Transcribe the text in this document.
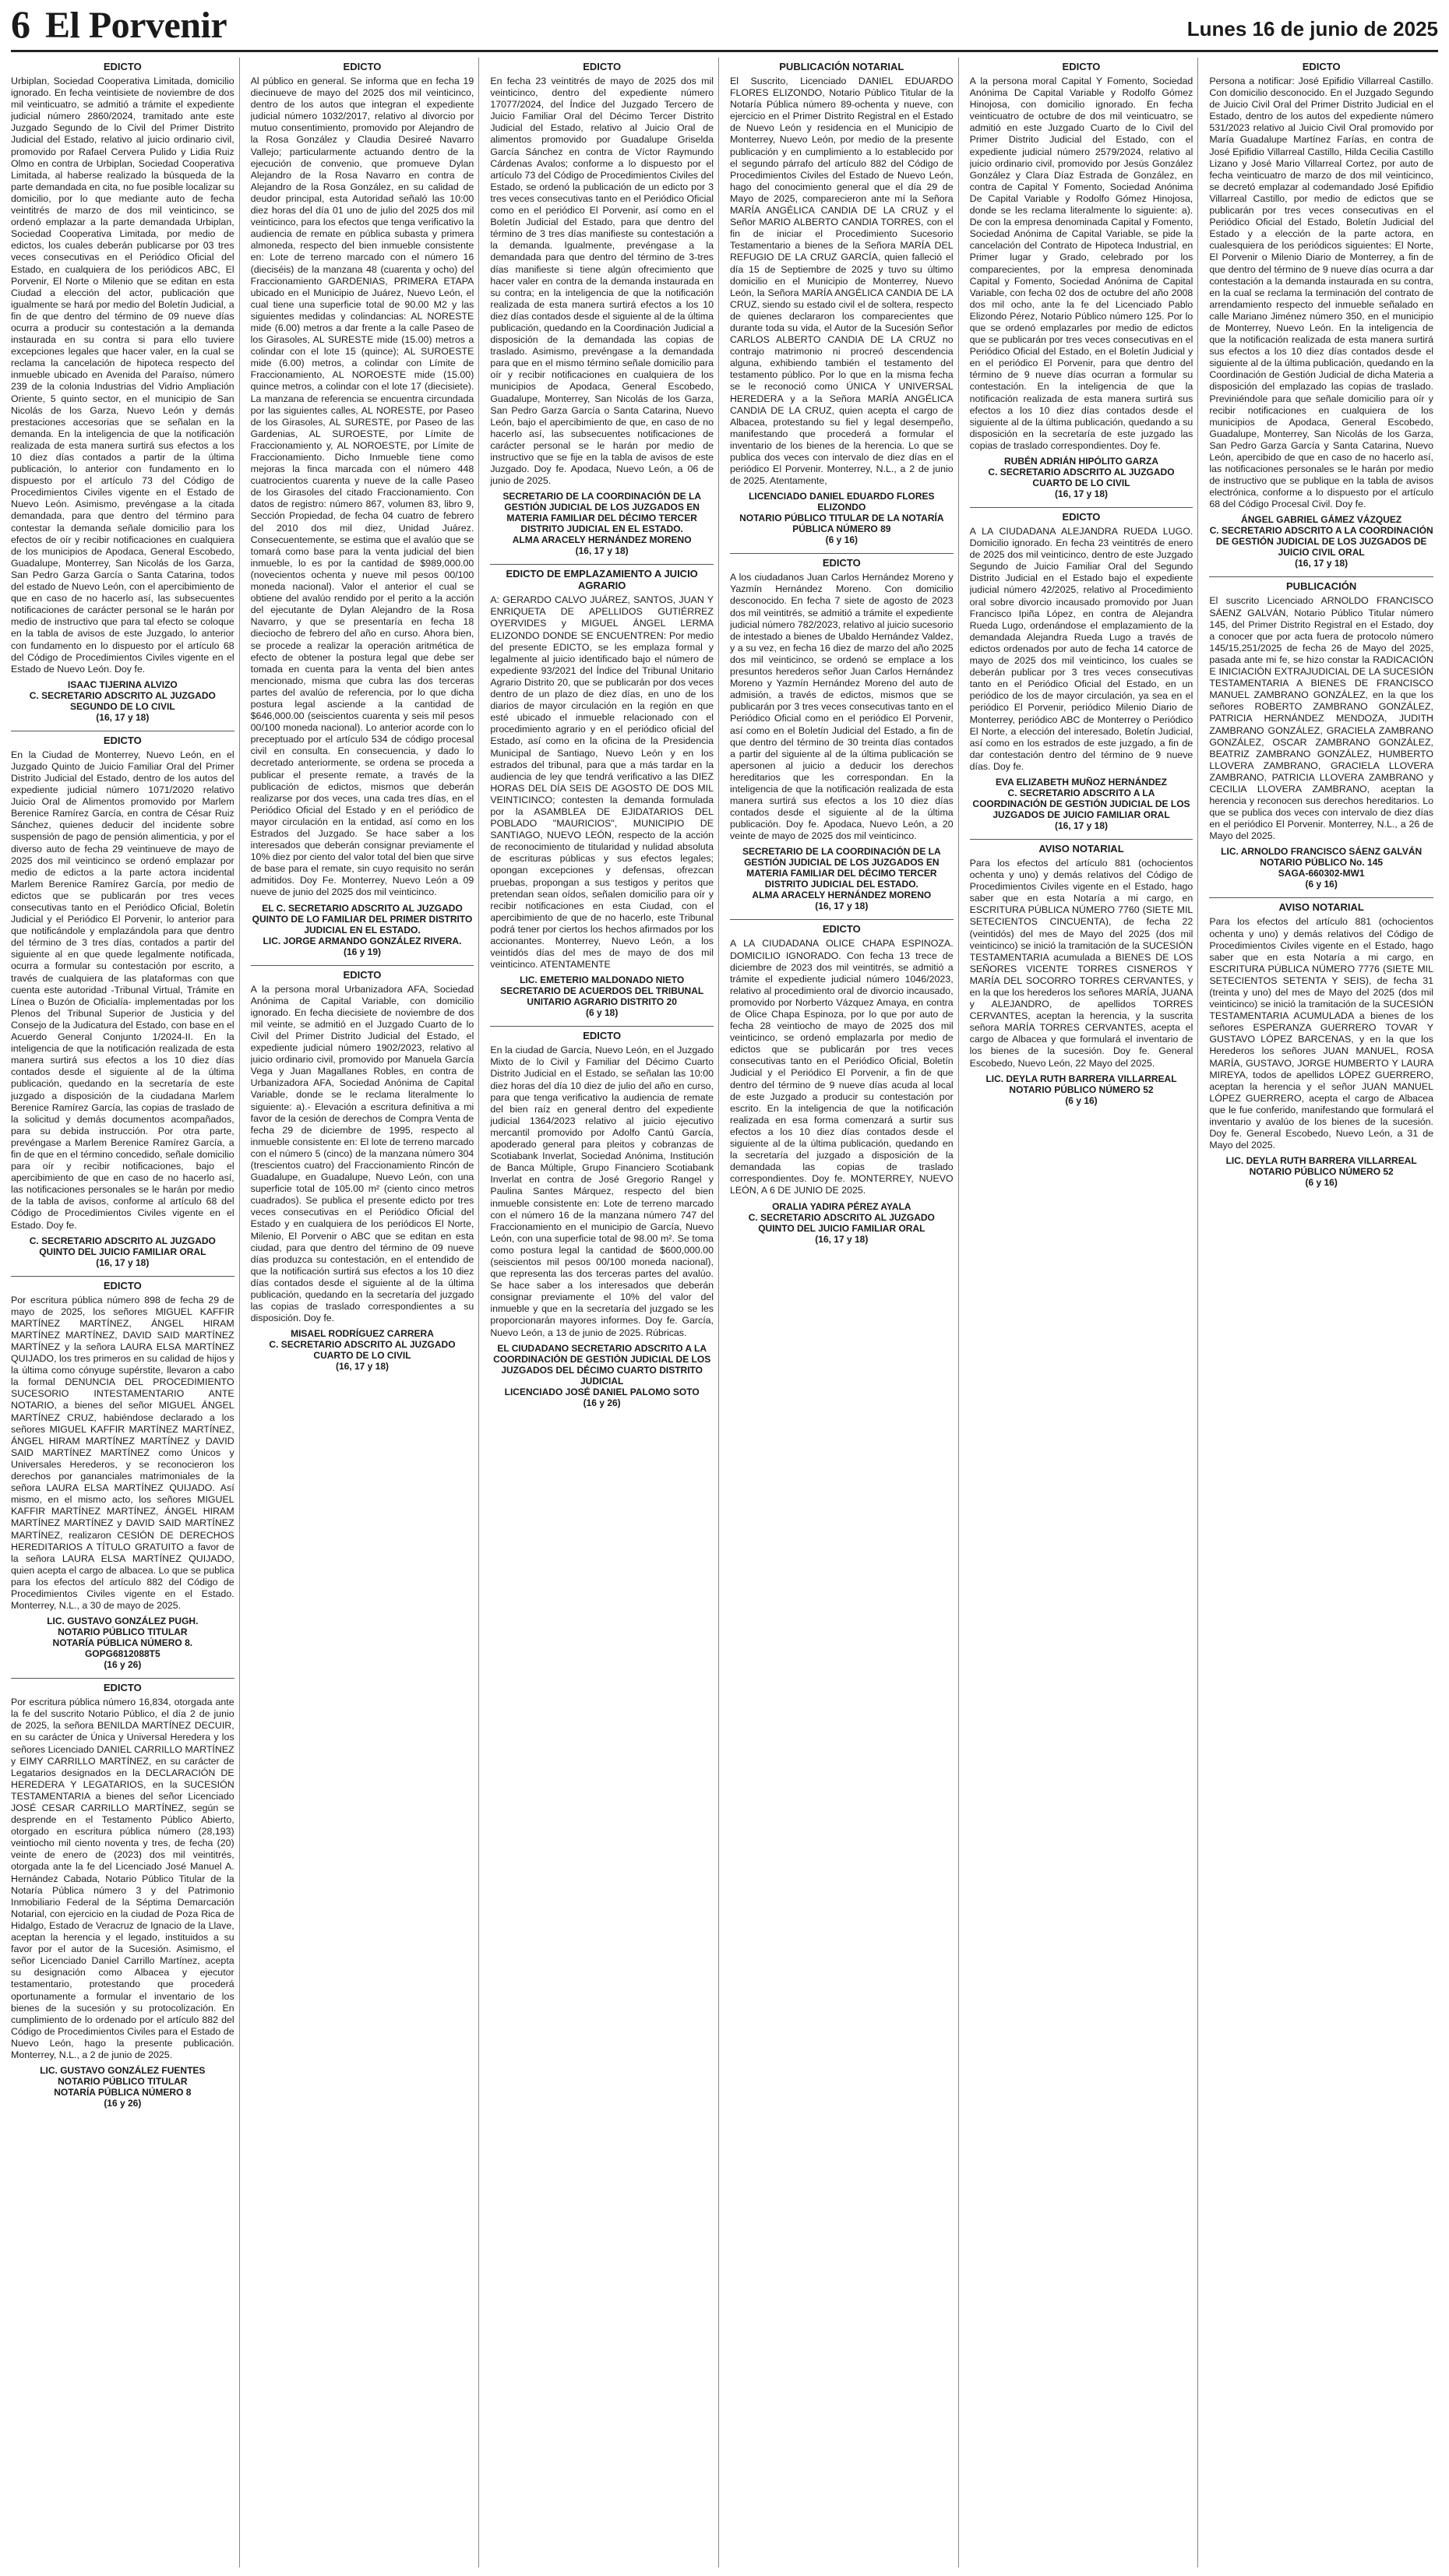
6 El Porvenir	Lunes 16 de junio de 2025
EDICTO
Urbiplan, Sociedad Cooperativa Limitada, domicilio ignorado. En fecha veintisiete de noviembre de dos mil veinticuatro, se admitió a trámite el expediente judicial número 2860/2024, tramitado ante este Juzgado Segundo de lo Civil del Primer Distrito Judicial del Estado, relativo al juicio ordinario civil, promovido por Rafael Cervera Pulido y Lidia Ruiz Olmo en contra de Urbiplan, Sociedad Cooperativa Limitada, al haberse realizado la búsqueda de la parte demandada en cita, no fue posible localizar su domicilio, por lo que mediante auto de fecha veintitrés de marzo de dos mil veinticinco, se ordenó emplazar a la parte demandada Urbiplan, Sociedad Cooperativa Limitada, por medio de edictos, los cuales deberán publicarse por 03 tres veces consecutivas en el Periódico Oficial del Estado, en cualquiera de los periódicos ABC, El Porvenir, El Norte o Milenio que se editan en esta Ciudad a elección del actor, publicación que igualmente se hará por medio del Boletín Judicial, a fin de que dentro del término de 09 nueve días ocurra a producir su contestación a la demanda instaurada en su contra si para ello tuviere excepciones legales que hacer valer, en la cual se reclama la cancelación de hipoteca respecto del inmueble ubicado en Avenida del Paraíso, número 239 de la colonia Industrias del Vidrio Ampliación Oriente, 5 quinto sector, en el municipio de San Nicolás de los Garza, Nuevo León y demás prestaciones accesorias que se señalan en la demanda. En la inteligencia de que la notificación realizada de esta manera surtirá sus efectos a los 10 diez días contados a partir de la última publicación, lo anterior con fundamento en lo dispuesto por el artículo 73 del Código de Procedimientos Civiles vigente en el Estado de Nuevo León. Asimismo, prevéngase a la citada demandada, para que dentro del término para contestar la demanda señale domicilio para los efectos de oír y recibir notificaciones en cualquiera de los municipios de Apodaca, General Escobedo, Guadalupe, Monterrey, San Nicolás de los Garza, San Pedro Garza García o Santa Catarina, todos del estado de Nuevo León, con el apercibimiento de que en caso de no hacerlo así, las subsecuentes notificaciones de carácter personal se le harán por medio de instructivo que para tal efecto se coloque en la tabla de avisos de este Juzgado, lo anterior con fundamento en lo dispuesto por el artículo 68 del Código de Procedimientos Civiles vigente en el Estado de Nuevo León. Doy fe.
ISAAC TIJERINA ALVIZO
C. SECRETARIO ADSCRITO AL JUZGADO SEGUNDO DE LO CIVIL
(16, 17 y 18)
EDICTO
En la Ciudad de Monterrey, Nuevo León, en el Juzgado Quinto de Juicio Familiar Oral del Primer Distrito Judicial del Estado, dentro de los autos del expediente judicial número 1071/2020 relativo Juicio Oral de Alimentos promovido por Marlem Berenice Ramírez García, en contra de César Ruiz Sánchez, quienes deducir del incidente sobre suspensión de pago de pensión alimenticia, y por el diverso auto de fecha 29 veintinueve de mayo de 2025 dos mil veinticinco se ordenó emplazar por medio de edictos a la parte actora incidental Marlem Berenice Ramírez García, por medio de edictos que se publicarán por tres veces consecutivas tanto en el Periódico Oficial, Boletín Judicial y el Periódico El Porvenir, lo anterior para que notificándole y emplazándola para que dentro del término de 3 tres días, contados a partir del siguiente al en que quede legalmente notificada, ocurra a formular su contestación por escrito, a través de cualquiera de las plataformas con que cuenta este autoridad -Tribunal Virtual, Trámite en Línea o Buzón de Oficialía- implementadas por los Plenos del Tribunal Superior de Justicia y del Consejo de la Judicatura del Estado, con base en el Acuerdo General Conjunto 1/2024-II. En la inteligencia de que la notificación realizada de esta manera surtirá sus efectos a los 10 diez días contados desde el siguiente al de la última publicación, quedando en la secretaría de este juzgado a disposición de la ciudadana Marlem Berenice Ramírez García, las copias de traslado de la solicitud y demás documentos acompañados, para su debida instrucción. Por otra parte, prevéngase a Marlem Berenice Ramírez García, a fin de que en el término concedido, señale domicilio para oír y recibir notificaciones, bajo el apercibimiento de que en caso de no hacerlo así, las notificaciones personales se le harán por medio de la tabla de avisos, conforme al artículo 68 del Código de Procedimientos Civiles vigente en el Estado. Doy fe.
C. SECRETARIO ADSCRITO AL JUZGADO QUINTO DEL JUICIO FAMILIAR ORAL
(16, 17 y 18)
EDICTO
Por escritura pública número 898 de fecha 29 de mayo de 2025, los señores MIGUEL KAFFIR MARTÍNEZ MARTÍNEZ, ÁNGEL HIRAM MARTÍNEZ MARTÍNEZ, DAVID SAID MARTÍNEZ MARTÍNEZ y la señora LAURA ELSA MARTÍNEZ QUIJADO, los tres primeros en su calidad de hijos y la última como cónyuge supérstite, llevaron a cabo la formal DENUNCIA DEL PROCEDIMIENTO SUCESORIO INTESTAMENTARIO ANTE NOTARIO, a bienes del señor MIGUEL ÁNGEL MARTÍNEZ CRUZ, habiéndose declarado a los señores MIGUEL KAFFIR MARTÍNEZ MARTÍNEZ, ÁNGEL HIRAM MARTÍNEZ MARTÍNEZ y DAVID SAID MARTÍNEZ MARTÍNEZ como Únicos y Universales Herederos, y se reconocieron los derechos por gananciales matrimoniales de la señora LAURA ELSA MARTÍNEZ QUIJADO. Así mismo, en el mismo acto, los señores MIGUEL KAFFIR MARTÍNEZ MARTÍNEZ, ÁNGEL HIRAM MARTÍNEZ MARTÍNEZ y DAVID SAID MARTÍNEZ MARTÍNEZ, realizaron CESIÓN DE DERECHOS HEREDITARIOS A TÍTULO GRATUITO a favor de la señora LAURA ELSA MARTÍNEZ QUIJADO, quien acepta el cargo de albacea. Lo que se publica para los efectos del artículo 882 del Código de Procedimientos Civiles vigente en el Estado. Monterrey, N.L., a 30 de mayo de 2025.
LIC. GUSTAVO GONZÁLEZ PUGH.
NOTARIO PÚBLICO TITULAR
NOTARÍA PÚBLICA NÚMERO 8.
GOPG6812088T5
(16 y 26)
EDICTO
Por escritura pública número 16,834, otorgada ante la fe del suscrito Notario Público, el día 2 de junio de 2025, la señora BENILDA MARTÍNEZ DECUIR, en su carácter de Única y Universal Heredera y los señores Licenciado DANIEL CARRILLO MARTÍNEZ y EIMY CARRILLO MARTÍNEZ, en su carácter de Legatarios designados en la DECLARACIÓN DE HEREDERA Y LEGATARIOS, en la SUCESIÓN TESTAMENTARIA a bienes del señor Licenciado JOSÉ CESAR CARRILLO MARTÍNEZ, según se desprende en el Testamento Público Abierto, otorgado en escritura pública número (28,193) veintiocho mil ciento noventa y tres, de fecha (20) veinte de enero de (2023) dos mil veintitrés, otorgada ante la fe del Licenciado José Manuel A. Hernández Cabada, Notario Público Titular de la Notaría Pública número 3 y del Patrimonio Inmobiliario Federal de la Séptima Demarcación Notarial, con ejercicio en la ciudad de Poza Rica de Hidalgo, Estado de Veracruz de Ignacio de la Llave, aceptan la herencia y el legado, instituidos a su favor por el autor de la Sucesión. Asimismo, el señor Licenciado Daniel Carrillo Martínez, acepta su designación como Albacea y ejecutor testamentario, protestando que procederá oportunamente a formular el inventario de los bienes de la sucesión y su protocolización. En cumplimiento de lo ordenado por el artículo 882 del Código de Procedimientos Civiles para el Estado de Nuevo León, hago la presente publicación. Monterrey, N.L., a 2 de junio de 2025.
LIC. GUSTAVO GONZÁLEZ FUENTES
NOTARIO PÚBLICO TITULAR
NOTARÍA PÚBLICA NÚMERO 8
(16 y 26)
EDICTO
Al público en general. Se informa que en fecha 19 diecinueve de mayo del 2025 dos mil veinticinco, dentro de los autos que integran el expediente judicial número 1032/2017, relativo al divorcio por mutuo consentimiento, promovido por Alejandro de la Rosa González y Claudia Desireé Navarro Vallejo; particularmente actuando dentro de la ejecución de convenio, que promueve Dylan Alejandro de la Rosa Navarro en contra de Alejandro de la Rosa González, en su calidad de deudor principal, esta Autoridad señaló las 10:00 diez horas del día 01 uno de julio del 2025 dos mil veinticinco, para los efectos que tenga verificativo la audiencia de remate en pública subasta y primera almoneda, respecto del bien inmueble consistente en: Lote de terreno marcado con el número 16 (dieciséis) de la manzana 48 (cuarenta y ocho) del Fraccionamiento GARDENIAS, PRIMERA ETAPA ubicado en el Municipio de Juárez, Nuevo León, el cual tiene una superficie total de 90.00 M2 y las siguientes medidas y colindancias: AL NORESTE mide (6.00) metros a dar frente a la calle Paseo de los Girasoles, AL SURESTE mide (15.00) metros a colindar con el lote 15 (quince); AL SUROESTE mide (6.00) metros, a colindar con Límite de Fraccionamiento, AL NOROESTE mide (15.00) quince metros, a colindar con el lote 17 (diecisiete). La manzana de referencia se encuentra circundada por las siguientes calles, AL NORESTE, por Paseo de los Girasoles, AL SURESTE, por Paseo de las Gardenias, AL SUROESTE, por Límite de Fraccionamiento y, AL NOROESTE, por Límite de Fraccionamiento. Dicho Inmueble tiene como mejoras la finca marcada con el número 448 cuatrocientos cuarenta y nueve de la calle Paseo de los Girasoles del citado Fraccionamiento. Con datos de registro: número 867, volumen 83, libro 9, Sección Propiedad, de fecha 04 cuatro de febrero del 2010 dos mil diez, Unidad Juárez. Consecuentemente, se estima que el avalúo que se tomará como base para la venta judicial del bien inmueble, lo es por la cantidad de $989,000.00 (novecientos ochenta y nueve mil pesos 00/100 moneda nacional). Valor el anterior el cual se obtiene del avalúo rendido por el perito a la acción del ejecutante de Dylan Alejandro de la Rosa Navarro, y que se presentaría en fecha 18 dieciocho de febrero del año en curso. Ahora bien, se procede a realizar la operación aritmética de efecto de obtener la postura legal que debe ser tomada en cuenta para la venta del bien antes mencionado, misma que cubra las dos terceras partes del avalúo de referencia, por lo que dicha postura legal asciende a la cantidad de $646,000.00 (seiscientos cuarenta y seis mil pesos 00/100 moneda nacional). Lo anterior acorde con lo preceptuado por el artículo 534 de código procesal civil en consulta. En consecuencia, y dado lo decretado anteriormente, se ordena se proceda a publicar el presente remate, a través de la publicación de edictos, mismos que deberán realizarse por dos veces, una cada tres días, en el Periódico Oficial del Estado y en el periódico de mayor circulación en la entidad, así como en los Estrados del Juzgado. Se hace saber a los interesados que deberán consignar previamente el 10% diez por ciento del valor total del bien que sirve de base para el remate, sin cuyo requisito no serán admitidos. Doy Fe. Monterrey, Nuevo León a 09 nueve de junio del 2025 dos mil veinticinco.
EL C. SECRETARIO ADSCRITO AL JUZGADO QUINTO DE LO FAMILIAR DEL PRIMER DISTRITO JUDICIAL EN EL ESTADO.
LIC. JORGE ARMANDO GONZÁLEZ RIVERA.
(16 y 19)
EDICTO
A la persona moral Urbanizadora AFA, Sociedad Anónima de Capital Variable, con domicilio ignorado. En fecha diecisiete de noviembre de dos mil veinte, se admitió en el Juzgado Cuarto de lo Civil del Primer Distrito Judicial del Estado, el expediente judicial número 1902/2023, relativo al juicio ordinario civil, promovido por Manuela García Vega y Juan Magallanes Robles, en contra de Urbanizadora AFA, Sociedad Anónima de Capital Variable, donde se le reclama literalmente lo siguiente: a).- Elevación a escritura definitiva a mi favor de la cesión de derechos de Compra Venta de fecha 29 de diciembre de 1995, respecto al inmueble consistente en: El lote de terreno marcado con el número 5 (cinco) de la manzana número 304 (trescientos cuatro) del Fraccionamiento Rincón de Guadalupe, en Guadalupe, Nuevo León, con una superficie total de 105.00 m² (ciento cinco metros cuadrados). Se publica el presente edicto por tres veces consecutivas en el Periódico Oficial del Estado y en cualquiera de los periódicos El Norte, Milenio, El Porvenir o ABC que se editan en esta ciudad, para que dentro del término de 09 nueve días produzca su contestación, en el entendido de que la notificación surtirá sus efectos a los 10 diez días contados desde el siguiente al de la última publicación, quedando en la secretaría del juzgado las copias de traslado correspondientes a su disposición. Doy fe.
MISAEL RODRÍGUEZ CARRERA
C. SECRETARIO ADSCRITO AL JUZGADO CUARTO DE LO CIVIL
(16, 17 y 18)
EDICTO
En fecha 23 veintitrés de mayo de 2025 dos mil veinticinco, dentro del expediente número 17077/2024, del Índice del Juzgado Tercero de Juicio Familiar Oral del Décimo Tercer Distrito Judicial del Estado, relativo al Juicio Oral de alimentos promovido por Guadalupe Griselda García Sánchez en contra de Víctor Raymundo Cárdenas Avalos; conforme a lo dispuesto por el artículo 73 del Código de Procedimientos Civiles del Estado, se ordenó la publicación de un edicto por 3 tres veces consecutivas tanto en el Periódico Oficial como en el periódico El Porvenir, así como en el Boletín Judicial del Estado, para que dentro del término de 3 tres días manifieste su contestación a la demanda. Igualmente, prevéngase a la demandada para que dentro del término de 3-tres días manifieste si tiene algún ofrecimiento que hacer valer en contra de la demanda instaurada en su contra; en la inteligencia de que la notificación realizada de esta manera surtirá efectos a los 10 diez días contados desde el siguiente al de la última publicación, quedando en la Coordinación Judicial a disposición de la demandada las copias de traslado. Asimismo, prevéngase a la demandada para que en el mismo término señale domicilio para oír y recibir notificaciones en cualquiera de los municipios de Apodaca, General Escobedo, Guadalupe, Monterrey, San Nicolás de los Garza, San Pedro Garza García o Santa Catarina, Nuevo León, bajo el apercibimiento de que, en caso de no hacerlo así, las subsecuentes notificaciones de carácter personal se le harán por medio de instructivo que se fije en la tabla de avisos de este Juzgado. Doy fe. Apodaca, Nuevo León, a 06 de junio de 2025.
SECRETARIO DE LA COORDINACIÓN DE LA GESTIÓN JUDICIAL DE LOS JUZGADOS EN MATERIA FAMILIAR DEL DÉCIMO TERCER DISTRITO JUDICIAL EN EL ESTADO.
ALMA ARACELY HERNÁNDEZ MORENO
(16, 17 y 18)
EDICTO DE EMPLAZAMIENTO A JUICIO AGRARIO
A: GERARDO CALVO JUÁREZ, SANTOS, JUAN Y ENRIQUETA DE APELLIDOS GUTIÉRREZ OYERVIDES y MIGUEL ÁNGEL LERMA ELIZONDO DONDE SE ENCUENTREN: Por medio del presente EDICTO, se les emplaza formal y legalmente al juicio identificado bajo el número de expediente 93/2021 del Índice del Tribunal Unitario Agrario Distrito 20, que se publicarán por dos veces dentro de un plazo de diez días, en uno de los diarios de mayor circulación en la región en que esté ubicado el inmueble relacionado con el procedimiento agrario y en el periódico oficial del Estado, así como en la oficina de la Presidencia Municipal de Santiago, Nuevo León y en los estrados del tribunal, para que a más tardar en la audiencia de ley que tendrá verificativo a las DIEZ HORAS DEL DÍA SEIS DE AGOSTO DE DOS MIL VEINTICINCO; contesten la demanda formulada por la ASAMBLEA DE EJIDATARIOS DEL POBLADO "MAURICIOS", MUNICIPIO DE SANTIAGO, NUEVO LEÓN, respecto de la acción de reconocimiento de titularidad y nulidad absoluta de escrituras públicas y sus efectos legales; opongan excepciones y defensas, ofrezcan pruebas, propongan a sus testigos y peritos que pretendan sean oídos, señalen domicilio para oír y recibir notificaciones en esta Ciudad, con el apercibimiento de que de no hacerlo, este Tribunal podrá tener por ciertos los hechos afirmados por los accionantes. Monterrey, Nuevo León, a los veintidós días del mes de mayo de dos mil veinticinco. ATENTAMENTE
LIC. EMETERIO MALDONADO NIETO
SECRETARIO DE ACUERDOS DEL TRIBUNAL UNITARIO AGRARIO DISTRITO 20
(6 y 18)
EDICTO
En la ciudad de García, Nuevo León, en el Juzgado Mixto de lo Civil y Familiar del Décimo Cuarto Distrito Judicial en el Estado, se señalan las 10:00 diez horas del día 10 diez de julio del año en curso, para que tenga verificativo la audiencia de remate del bien raíz en general dentro del expediente judicial 1364/2023 relativo al juicio ejecutivo mercantil promovido por Adolfo Cantú García, apoderado general para pleitos y cobranzas de Scotiabank Inverlat, Sociedad Anónima, Institución de Banca Múltiple, Grupo Financiero Scotiabank Inverlat en contra de José Gregorio Rangel y Paulina Santes Márquez, respecto del bien inmueble consistente en: Lote de terreno marcado con el número 16 de la manzana número 747 del Fraccionamiento en el municipio de García, Nuevo León, con una superficie total de 98.00 m². Se toma como postura legal la cantidad de $600,000.00 (seiscientos mil pesos 00/100 moneda nacional), que representa las dos terceras partes del avalúo. Se hace saber a los interesados que deberán consignar previamente el 10% del valor del inmueble y que en la secretaría del juzgado se les proporcionarán mayores informes. Doy fe. García, Nuevo León, a 13 de junio de 2025. Rúbricas.
EL CIUDADANO SECRETARIO ADSCRITO A LA COORDINACIÓN DE GESTIÓN JUDICIAL DE LOS JUZGADOS DEL DÉCIMO CUARTO DISTRITO JUDICIAL
LICENCIADO JOSÉ DANIEL PALOMO SOTO
(16 y 26)
PUBLICACIÓN NOTARIAL
El Suscrito, Licenciado DANIEL EDUARDO FLORES ELIZONDO, Notario Público Titular de la Notaría Pública número 89-ochenta y nueve, con ejercicio en el Primer Distrito Registral en el Estado de Nuevo León y residencia en el Municipio de Monterrey, Nuevo León, por medio de la presente publicación y en cumplimiento a lo establecido por el segundo párrafo del artículo 882 del Código de Procedimientos Civiles del Estado de Nuevo León, hago del conocimiento general que el día 29 de Mayo de 2025, comparecieron ante mí la Señora MARÍA ANGÉLICA CANDIA DE LA CRUZ y el Señor MARIO ALBERTO CANDIA TORRES, con el fin de iniciar el Procedimiento Sucesorio Testamentario a bienes de la Señora MARÍA DEL REFUGIO DE LA CRUZ GARCÍA, quien falleció el día 15 de Septiembre de 2025 y tuvo su último domicilio en el Municipio de Monterrey, Nuevo León, la Señora MARÍA ANGÉLICA CANDIA DE LA CRUZ, siendo su estado civil el de soltera, respecto de quienes declararon los comparecientes que durante toda su vida, el Autor de la Sucesión Señor CARLOS ALBERTO CANDIA DE LA CRUZ no contrajo matrimonio ni procreó descendencia alguna, exhibiendo también el testamento del testamento público. Por lo que en la misma fecha se le reconoció como ÚNICA Y UNIVERSAL HEREDERA y a la Señora MARÍA ANGÉLICA CANDIA DE LA CRUZ, quien acepta el cargo de Albacea, protestando su fiel y legal desempeño, manifestando que procederá a formular el inventario de los bienes de la herencia. Lo que se publica dos veces con intervalo de diez días en el periódico El Porvenir. Monterrey, N.L., a 2 de junio de 2025. Atentamente,
LICENCIADO DANIEL EDUARDO FLORES ELIZONDO
NOTARIO PÚBLICO TITULAR DE LA NOTARÍA PÚBLICA NÚMERO 89
(6 y 16)
EDICTO
A los ciudadanos Juan Carlos Hernández Moreno y Yazmín Hernández Moreno. Con domicilio desconocido. En fecha 7 siete de agosto de 2023 dos mil veintitrés, se admitió a trámite el expediente judicial número 782/2023, relativo al juicio sucesorio de intestado a bienes de Ubaldo Hernández Valdez, y a su vez, en fecha 16 diez de marzo del año 2025 dos mil veinticinco, se ordenó se emplace a los presuntos herederos señor Juan Carlos Hernández Moreno y Yazmín Hernández Moreno del auto de admisión, a través de edictos, mismos que se publicarán por 3 tres veces consecutivas tanto en el Periódico Oficial como en el periódico El Porvenir, así como en el Boletín Judicial del Estado, a fin de que dentro del término de 30 treinta días contados a partir del siguiente al de la última publicación se apersonen al juicio a deducir los derechos hereditarios que les correspondan. En la inteligencia de que la notificación realizada de esta manera surtirá sus efectos a los 10 diez días contados desde el siguiente al de la última publicación. Doy fe. Apodaca, Nuevo León, a 20 veinte de mayo de 2025 dos mil veinticinco.
SECRETARIO DE LA COORDINACIÓN DE LA GESTIÓN JUDICIAL DE LOS JUZGADOS EN MATERIA FAMILIAR DEL DÉCIMO TERCER DISTRITO JUDICIAL DEL ESTADO.
ALMA ARACELY HERNÁNDEZ MORENO
(16, 17 y 18)
EDICTO
A LA CIUDADANA OLICE CHAPA ESPINOZA. DOMICILIO IGNORADO. Con fecha 13 trece de diciembre de 2023 dos mil veintitrés, se admitió a trámite el expediente judicial número 1046/2023, relativo al procedimiento oral de divorcio incausado, promovido por Norberto Vázquez Amaya, en contra de Olice Chapa Espinoza, por lo que por auto de fecha 28 veintiocho de mayo de 2025 dos mil veinticinco, se ordenó emplazarla por medio de edictos que se publicarán por tres veces consecutivas tanto en el Periódico Oficial, Boletín Judicial y el Periódico El Porvenir, a fin de que dentro del término de 9 nueve días acuda al local de este Juzgado a producir su contestación por escrito. En la inteligencia de que la notificación realizada en esa forma comenzará a surtir sus efectos a los 10 diez días contados desde el siguiente al de la última publicación, quedando en la secretaría del juzgado a disposición de la demandada las copias de traslado correspondientes. Doy fe. MONTERREY, NUEVO LEÓN, A 6 DE JUNIO DE 2025.
ORALIA YADIRA PÉREZ AYALA
C. SECRETARIO ADSCRITO AL JUZGADO QUINTO DEL JUICIO FAMILIAR ORAL
(16, 17 y 18)
EDICTO
A la persona moral Capital Y Fomento, Sociedad Anónima De Capital Variable y Rodolfo Gómez Hinojosa, con domicilio ignorado. En fecha veinticuatro de octubre de dos mil veinticuatro, se admitió en este Juzgado Cuarto de lo Civil del Primer Distrito Judicial del Estado, con el expediente judicial número 2579/2024, relativo al juicio ordinario civil, promovido por Jesús González González y Clara Díaz Estrada de González, en contra de Capital Y Fomento, Sociedad Anónima De Capital Variable y Rodolfo Gómez Hinojosa, donde se les reclama literalmente lo siguiente: a). De con la empresa denominada Capital y Fomento, Sociedad Anónima de Capital Variable, se pide la cancelación del Contrato de Hipoteca Industrial, en Primer lugar y Grado, celebrado por los comparecientes, por la empresa denominada Capital y Fomento, Sociedad Anónima de Capital Variable, con fecha 02 dos de octubre del año 2008 dos mil ocho, ante la fe del Licenciado Pablo Elizondo Pérez, Notario Público número 125. Por lo que se ordenó emplazarles por medio de edictos que se publicarán por tres veces consecutivas en el Periódico Oficial del Estado, en el Boletín Judicial y en el periódico El Porvenir, para que dentro del término de 9 nueve días ocurran a formular su contestación. En la inteligencia de que la notificación realizada de esta manera surtirá sus efectos a los 10 diez días contados desde el siguiente al de la última publicación, quedando a su disposición en la secretaría de este juzgado las copias de traslado correspondientes. Doy fe.
RUBÉN ADRIÁN HIPÓLITO GARZA
C. SECRETARIO ADSCRITO AL JUZGADO CUARTO DE LO CIVIL
(16, 17 y 18)
EDICTO
A LA CIUDADANA ALEJANDRA RUEDA LUGO. Domicilio ignorado. En fecha 23 veintitrés de enero de 2025 dos mil veinticinco, dentro de este Juzgado Segundo de Juicio Familiar Oral del Segundo Distrito Judicial en el Estado bajo el expediente judicial número 42/2025, relativo al Procedimiento oral sobre divorcio incausado promovido por Juan Francisco Ipiña López, en contra de Alejandra Rueda Lugo, ordenándose el emplazamiento de la demandada Alejandra Rueda Lugo a través de edictos ordenados por auto de fecha 14 catorce de mayo de 2025 dos mil veinticinco, los cuales se deberán publicar por 3 tres veces consecutivas tanto en el Periódico Oficial del Estado, en un periódico de los de mayor circulación, ya sea en el periódico El Porvenir, periódico Milenio Diario de Monterrey, periódico ABC de Monterrey o Periódico El Norte, a elección del interesado, Boletín Judicial, así como en los estrados de este juzgado, a fin de dar contestación dentro del término de 9 nueve días. Doy fe.
EVA ELIZABETH MUÑOZ HERNÁNDEZ
C. SECRETARIO ADSCRITO A LA COORDINACIÓN DE GESTIÓN JUDICIAL DE LOS JUZGADOS DE JUICIO FAMILIAR ORAL
(16, 17 y 18)
AVISO NOTARIAL
Para los efectos del artículo 881 (ochocientos ochenta y uno) y demás relativos del Código de Procedimientos Civiles vigente en el Estado, hago saber que en esta Notaría a mi cargo, en ESCRITURA PÚBLICA NÚMERO 7760 (SIETE MIL SETECIENTOS CINCUENTA), de fecha 22 (veintidós) del mes de Mayo del 2025 (dos mil veinticinco) se inició la tramitación de la SUCESIÓN TESTAMENTARIA acumulada a BIENES DE LOS SEÑORES VICENTE TORRES CISNEROS Y MARÍA DEL SOCORRO TORRES CERVANTES, y en la que los herederos los señores MARÍA, JUANA y ALEJANDRO, de apellidos TORRES CERVANTES, aceptan la herencia, y la suscrita señora MARÍA TORRES CERVANTES, acepta el cargo de Albacea y que formulará el inventario de los bienes de la sucesión. Doy fe. General Escobedo, Nuevo León, 22 Mayo del 2025.
LIC. DEYLA RUTH BARRERA VILLARREAL
NOTARIO PÚBLICO NÚMERO 52
(6 y 16)
EDICTO
Persona a notificar: José Epifidio Villarreal Castillo. Con domicilio desconocido. En el Juzgado Segundo de Juicio Civil Oral del Primer Distrito Judicial en el Estado, dentro de los autos del expediente número 531/2023 relativo al Juicio Civil Oral promovido por María Guadalupe Martínez Farías, en contra de José Epifidio Villarreal Castillo, Hilda Cecilia Castillo Lizano y José Mario Villarreal Cortez, por auto de fecha veinticuatro de marzo de dos mil veinticinco, se decretó emplazar al codemandado José Epifidio Villarreal Castillo, por medio de edictos que se publicarán por tres veces consecutivas en el Periódico Oficial del Estado, Boletín Judicial del Estado y a elección de la parte actora, en cualesquiera de los periódicos siguientes: El Norte, El Porvenir o Milenio Diario de Monterrey, a fin de que dentro del término de 9 nueve días ocurra a dar contestación a la demanda instaurada en su contra, en la cual se reclama la terminación del contrato de arrendamiento respecto del inmueble señalado en calle Mariano Jiménez número 350, en el municipio de Monterrey, Nuevo León. En la inteligencia de que la notificación realizada de esta manera surtirá sus efectos a los 10 diez días contados desde el siguiente al de la última publicación, quedando en la Coordinación de Gestión Judicial de dicha Materia a disposición del emplazado las copias de traslado. Previniéndole para que señale domicilio para oír y recibir notificaciones en cualquiera de los municipios de Apodaca, General Escobedo, Guadalupe, Monterrey, San Nicolás de los Garza, San Pedro Garza García y Santa Catarina, Nuevo León, apercibido de que en caso de no hacerlo así, las notificaciones personales se le harán por medio de instructivo que se publique en la tabla de avisos electrónica, conforme a lo dispuesto por el artículo 68 del Código Procesal Civil. Doy fe.
ÁNGEL GABRIEL GÁMEZ VÁZQUEZ
C. SECRETARIO ADSCRITO A LA COORDINACIÓN DE GESTIÓN JUDICIAL DE LOS JUZGADOS DE JUICIO CIVIL ORAL
(16, 17 y 18)
PUBLICACIÓN
El suscrito Licenciado ARNOLDO FRANCISCO SÁENZ GALVÁN, Notario Público Titular número 145, del Primer Distrito Registral en el Estado, doy a conocer que por acta fuera de protocolo número 145/15,251/2025 de fecha 26 de Mayo del 2025, pasada ante mi fe, se hizo constar la RADICACIÓN E INICIACIÓN EXTRAJUDICIAL DE LA SUCESIÓN TESTAMENTARIA A BIENES DE FRANCISCO MANUEL ZAMBRANO GONZÁLEZ, en la que los señores ROBERTO ZAMBRANO GONZÁLEZ, PATRICIA HERNÁNDEZ MENDOZA, JUDITH ZAMBRANO GONZÁLEZ, GRACIELA ZAMBRANO GONZÁLEZ, OSCAR ZAMBRANO GONZÁLEZ, BEATRIZ ZAMBRANO GONZÁLEZ, HUMBERTO LLOVERA ZAMBRANO, GRACIELA LLOVERA ZAMBRANO, PATRICIA LLOVERA ZAMBRANO y CECILIA LLOVERA ZAMBRANO, aceptan la herencia y reconocen sus derechos hereditarios. Lo que se publica dos veces con intervalo de diez días en el periódico El Porvenir. Monterrey, N.L., a 26 de Mayo del 2025.
LIC. ARNOLDO FRANCISCO SÁENZ GALVÁN
NOTARIO PÚBLICO No. 145
SAGA-660302-MW1
(6 y 16)
AVISO NOTARIAL
Para los efectos del artículo 881 (ochocientos ochenta y uno) y demás relativos del Código de Procedimientos Civiles vigente en el Estado, hago saber que en esta Notaría a mi cargo, en ESCRITURA PÚBLICA NÚMERO 7776 (SIETE MIL SETECIENTOS SETENTA Y SEIS), de fecha 31 (treinta y uno) del mes de Mayo del 2025 (dos mil veinticinco) se inició la tramitación de la SUCESIÓN TESTAMENTARIA ACUMULADA a bienes de los señores ESPERANZA GUERRERO TOVAR Y GUSTAVO LÓPEZ BARCENAS, y en la que los Herederos los señores JUAN MANUEL, ROSA MARÍA, GUSTAVO, JORGE HUMBERTO Y LAURA MIREYA, todos de apellidos LÓPEZ GUERRERO, aceptan la herencia y el señor JUAN MANUEL LÓPEZ GUERRERO, acepta el cargo de Albacea que le fue conferido, manifestando que formulará el inventario y avalúo de los bienes de la sucesión. Doy fe. General Escobedo, Nuevo León, a 31 de Mayo del 2025.
LIC. DEYLA RUTH BARRERA VILLARREAL
NOTARIO PÚBLICO NÚMERO 52
(6 y 16)
